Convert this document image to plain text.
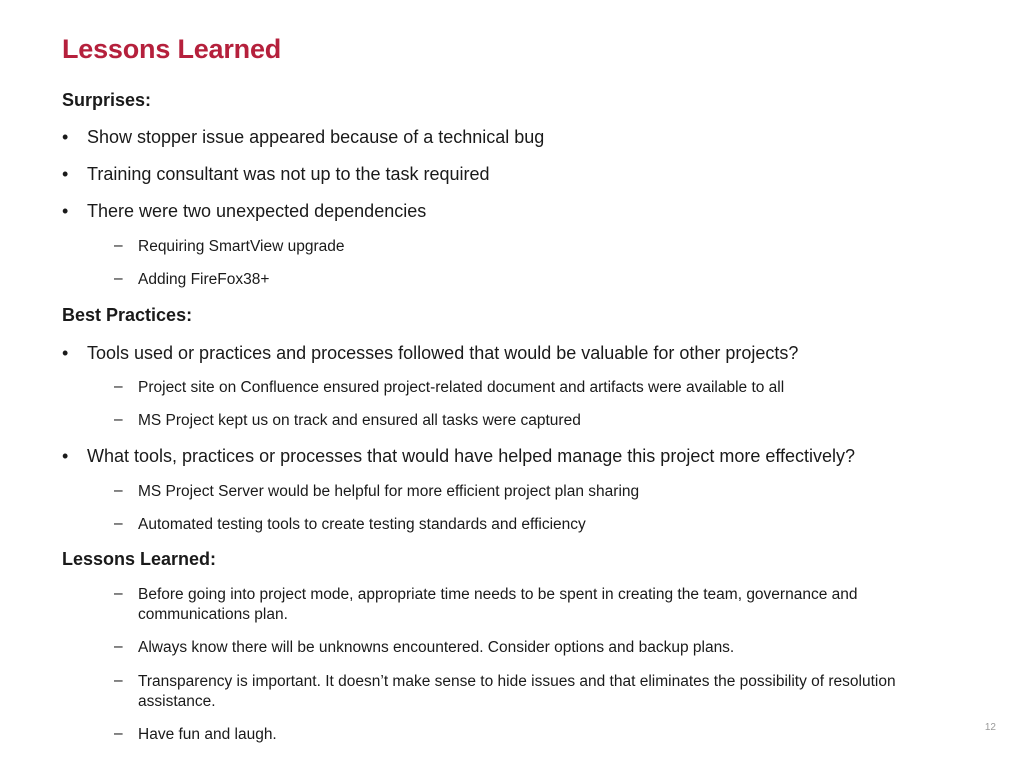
Lessons Learned
Surprises:
• Show stopper issue appeared because of a technical bug
• Training consultant was not up to the task required
• There were two unexpected dependencies
– Requiring SmartView upgrade
– Adding FireFox38+
Best Practices:
• Tools used or practices and processes followed that would be valuable for other projects?
– Project site on Confluence ensured project-related document and artifacts were available to all
– MS Project kept us on track and ensured all tasks were captured
• What tools, practices or processes that would have helped manage this project more effectively?
– MS Project Server would be helpful for more efficient project plan sharing
– Automated testing tools to create testing standards and efficiency
Lessons Learned:
– Before going into project mode, appropriate time needs to be spent in creating the team, governance and communications plan.
– Always know there will be unknowns encountered. Consider options and backup plans.
– Transparency is important. It doesn’t make sense to hide issues and that eliminates the possibility of resolution assistance.
– Have fun and laugh.	12
